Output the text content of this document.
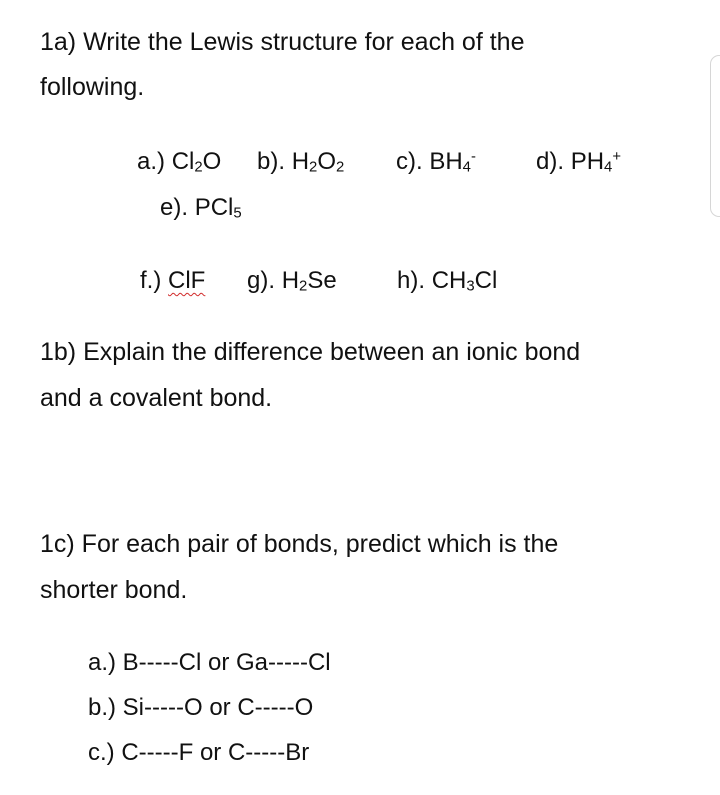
1a) Write the Lewis structure for each of the
following.
a.) $Cl_2O$ b). $H_2O_2$ c). $BH_4^-$	d). $PH_4^+$
e). PCl$_5$
f.) ClF g). $H_2Se$	h). $CH_3Cl$
1b) Explain the difference between an ionic bond
and a covalent bond.
1c) For each pair of bonds, predict which is the
shorter bond.
a.) B-----Cl or Ga-----Cl
b.) Si-----O or C-----O
c.) C-----F or C-----Br
